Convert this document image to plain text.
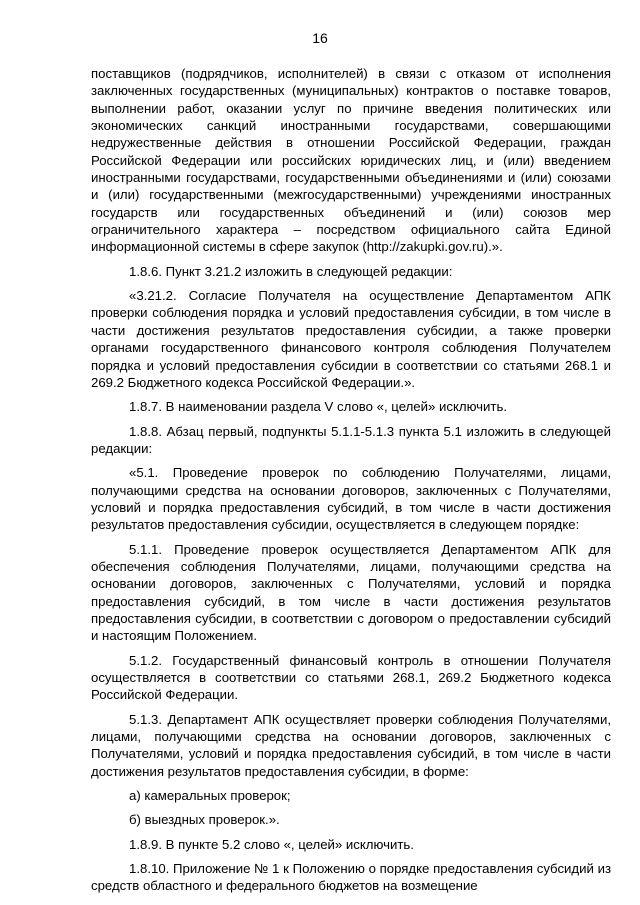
16

поставщиков (подрядчиков, исполнителей) в связи с отказом от исполнения заключенных государственных (муниципальных) контрактов о поставке товаров, выполнении работ, оказании услуг по причине введения политических или экономических санкций иностранными государствами, совершающими недружественные действия в отношении Российской Федерации, граждан Российской Федерации или российских юридических лиц, и (или) введением иностранными государствами, государственными объединениями и (или) союзами и (или) государственными (межгосударственными) учреждениями иностранных государств или государственных объединений и (или) союзов мер ограничительного характера – посредством официального сайта Единой информационной системы в сфере закупок (http://zakupki.gov.ru).».

1.8.6. Пункт 3.21.2 изложить в следующей редакции:

«3.21.2. Согласие Получателя на осуществление Департаментом АПК проверки соблюдения порядка и условий предоставления субсидии, в том числе в части достижения результатов предоставления субсидии, а также проверки органами государственного финансового контроля соблюдения Получателем порядка и условий предоставления субсидии в соответствии со статьями 268.1 и 269.2 Бюджетного кодекса Российской Федерации.».

1.8.7. В наименовании раздела V слово «, целей» исключить.

1.8.8. Абзац первый, подпункты 5.1.1-5.1.3 пункта 5.1 изложить в следующей редакции:

«5.1. Проведение проверок по соблюдению Получателями, лицами, получающими средства на основании договоров, заключенных с Получателями, условий и порядка предоставления субсидий, в том числе в части достижения результатов предоставления субсидии, осуществляется в следующем порядке:

5.1.1. Проведение проверок осуществляется Департаментом АПК для обеспечения соблюдения Получателями, лицами, получающими средства на основании договоров, заключенных с Получателями, условий и порядка предоставления субсидий, в том числе в части достижения результатов предоставления субсидии, в соответствии с договором о предоставлении субсидий и настоящим Положением.

5.1.2. Государственный финансовый контроль в отношении Получателя осуществляется в соответствии со статьями 268.1, 269.2 Бюджетного кодекса Российской Федерации.

5.1.3. Департамент АПК осуществляет проверки соблюдения Получателями, лицами, получающими средства на основании договоров, заключенных с Получателями, условий и порядка предоставления субсидий, в том числе в части достижения результатов предоставления субсидии, в форме:

а) камеральных проверок;

б) выездных проверок.».

1.8.9. В пункте 5.2 слово «, целей» исключить.

1.8.10. Приложение № 1 к Положению о порядке предоставления субсидий из средств областного и федерального бюджетов на возмещение
